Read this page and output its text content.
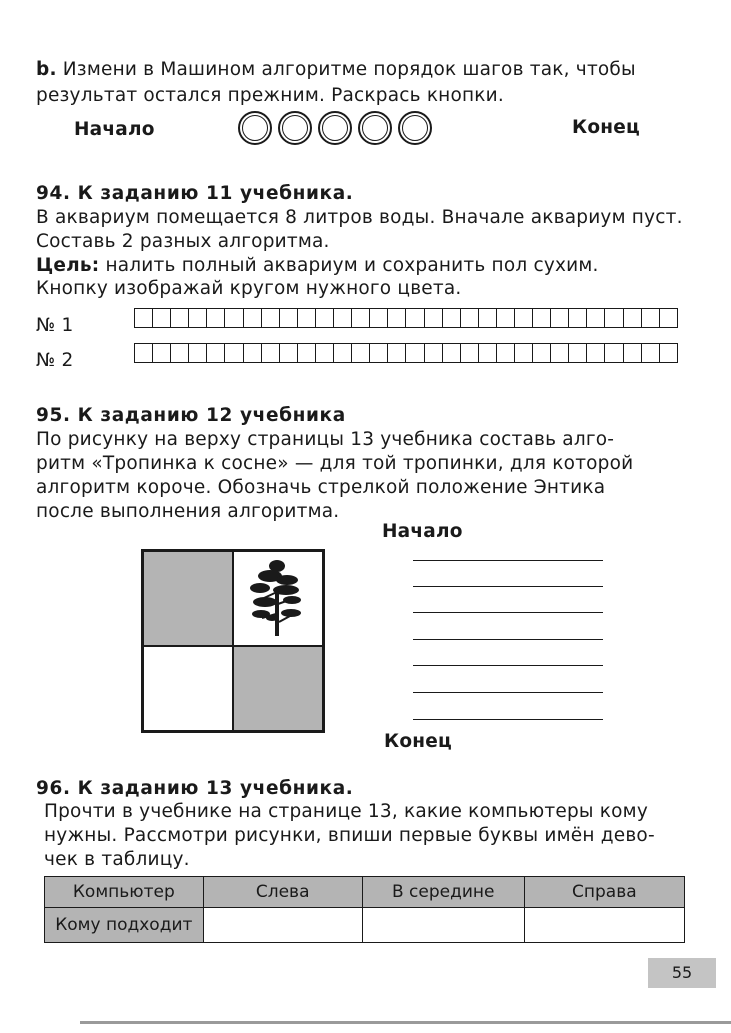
b. Измени в Машином алгоритме порядок шагов так, чтобы
результат остался прежним. Раскрась кнопки.
Начало	Конец
94. К заданию 11 учебника.
В аквариум помещается 8 литров воды. Вначале аквариум пуст.
Составь 2 разных алгоритма.
Цель: налить полный аквариум и сохранить пол сухим.
Кнопку изображай кругом нужного цвета.
№ 1
№ 2
95. К заданию 12 учебника
По рисунку на верху страницы 13 учебника составь алго-
ритм «Тропинка к сосне» — для той тропинки, для которой
алгоритм короче. Обозначь стрелкой положение Энтика
после выполнения алгоритма.
Начало
Конец
96. К заданию 13 учебника.
Прочти в учебнике на странице 13, какие компьютеры кому
нужны. Рассмотри рисунки, впиши первые буквы имён дево-
чек в таблицу.
Компьютер	Слева	В середине	Справа
Кому подходит			
55
